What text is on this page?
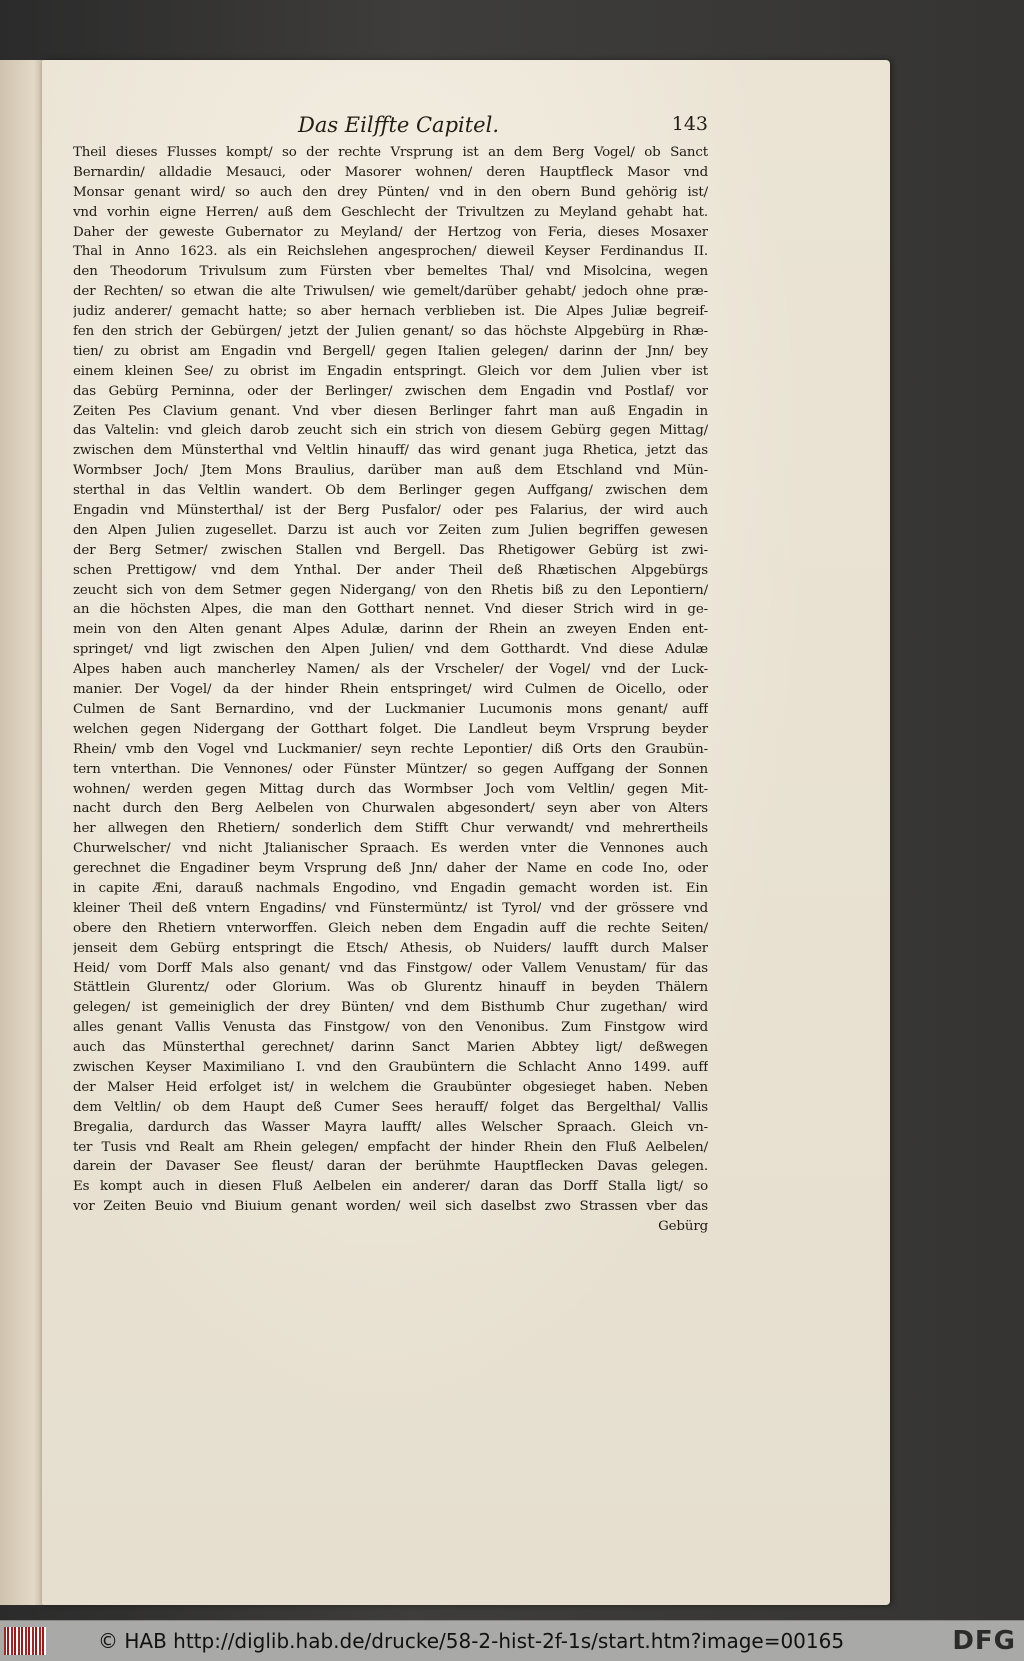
Das Eilffte Capitel.	143
Theil dieses Flusses kompt/ so der rechte Vrsprung ist an dem Berg Vogel/ ob Sanct
Bernardin/ alldadie Mesauci, oder Masorer wohnen/ deren Hauptfleck Masor vnd
Monsar genant wird/ so auch den drey Pünten/ vnd in den obern Bund gehörig ist/
vnd vorhin eigne Herren/ auß dem Geschlecht der Trivultzen zu Meyland gehabt hat.
Daher der geweste Gubernator zu Meyland/ der Hertzog von Feria, dieses Mosaxer
Thal in Anno 1623. als ein Reichslehen angesprochen/ dieweil Keyser Ferdinandus II.
den Theodorum Trivulsum zum Fürsten vber bemeltes Thal/ vnd Misolcina, wegen
der Rechten/ so etwan die alte Triwulsen/ wie gemelt/darüber gehabt/ jedoch ohne præ-
judiz anderer/ gemacht hatte; so aber hernach verblieben ist. Die Alpes Juliæ begreif-
fen den strich der Gebürgen/ jetzt der Julien genant/ so das höchste Alpgebürg in Rhæ-
tien/ zu obrist am Engadin vnd Bergell/ gegen Italien gelegen/ darinn der Jnn/ bey
einem kleinen See/ zu obrist im Engadin entspringt. Gleich vor dem Julien vber ist
das Gebürg Perninna, oder der Berlinger/ zwischen dem Engadin vnd Postlaf/ vor
Zeiten Pes Clavium genant. Vnd vber diesen Berlinger fahrt man auß Engadin in
das Valtelin: vnd gleich darob zeucht sich ein strich von diesem Gebürg gegen Mittag/
zwischen dem Münsterthal vnd Veltlin hinauff/ das wird genant juga Rhetica, jetzt das
Wormbser Joch/ Jtem Mons Braulius, darüber man auß dem Etschland vnd Mün-
sterthal in das Veltlin wandert. Ob dem Berlinger gegen Auffgang/ zwischen dem
Engadin vnd Münsterthal/ ist der Berg Pusfalor/ oder pes Falarius, der wird auch
den Alpen Julien zugesellet. Darzu ist auch vor Zeiten zum Julien begriffen gewesen
der Berg Setmer/ zwischen Stallen vnd Bergell. Das Rhetigower Gebürg ist zwi-
schen Prettigow/ vnd dem Ynthal. Der ander Theil deß Rhætischen Alpgebürgs
zeucht sich von dem Setmer gegen Nidergang/ von den Rhetis biß zu den Lepontiern/
an die höchsten Alpes, die man den Gotthart nennet. Vnd dieser Strich wird in ge-
mein von den Alten genant Alpes Adulæ, darinn der Rhein an zweyen Enden ent-
springet/ vnd ligt zwischen den Alpen Julien/ vnd dem Gotthardt. Vnd diese Adulæ
Alpes haben auch mancherley Namen/ als der Vrscheler/ der Vogel/ vnd der Luck-
manier. Der Vogel/ da der hinder Rhein entspringet/ wird Culmen de Oicello, oder
Culmen de Sant Bernardino, vnd der Luckmanier Lucumonis mons genant/ auff
welchen gegen Nidergang der Gotthart folget. Die Landleut beym Vrsprung beyder
Rhein/ vmb den Vogel vnd Luckmanier/ seyn rechte Lepontier/ diß Orts den Graubün-
tern vnterthan. Die Vennones/ oder Fünster Müntzer/ so gegen Auffgang der Sonnen
wohnen/ werden gegen Mittag durch das Wormbser Joch vom Veltlin/ gegen Mit-
nacht durch den Berg Aelbelen von Churwalen abgesondert/ seyn aber von Alters
her allwegen den Rhetiern/ sonderlich dem Stifft Chur verwandt/ vnd mehrertheils
Churwelscher/ vnd nicht Jtalianischer Spraach. Es werden vnter die Vennones auch
gerechnet die Engadiner beym Vrsprung deß Jnn/ daher der Name en code Ino, oder
in capite Æni, darauß nachmals Engodino, vnd Engadin gemacht worden ist. Ein
kleiner Theil deß vntern Engadins/ vnd Fünstermüntz/ ist Tyrol/ vnd der grössere vnd
obere den Rhetiern vnterworffen. Gleich neben dem Engadin auff die rechte Seiten/
jenseit dem Gebürg entspringt die Etsch/ Athesis, ob Nuiders/ laufft durch Malser
Heid/ vom Dorff Mals also genant/ vnd das Finstgow/ oder Vallem Venustam/ für das
Stättlein Glurentz/ oder Glorium. Was ob Glurentz hinauff in beyden Thälern
gelegen/ ist gemeiniglich der drey Bünten/ vnd dem Bisthumb Chur zugethan/ wird
alles genant Vallis Venusta das Finstgow/ von den Venonibus. Zum Finstgow wird
auch das Münsterthal gerechnet/ darinn Sanct Marien Abbtey ligt/ deßwegen
zwischen Keyser Maximiliano I. vnd den Graubüntern die Schlacht Anno 1499. auff
der Malser Heid erfolget ist/ in welchem die Graubünter obgesieget haben. Neben
dem Veltlin/ ob dem Haupt deß Cumer Sees herauff/ folget das Bergelthal/ Vallis
Bregalia, dardurch das Wasser Mayra laufft/ alles Welscher Spraach. Gleich vn-
ter Tusis vnd Realt am Rhein gelegen/ empfacht der hinder Rhein den Fluß Aelbelen/
darein der Davaser See fleust/ daran der berühmte Hauptflecken Davas gelegen.
Es kompt auch in diesen Fluß Aelbelen ein anderer/ daran das Dorff Stalla ligt/ so
vor Zeiten Beuio vnd Biuium genant worden/ weil sich daselbst zwo Strassen vber das
Gebürg
© HAB http://diglib.hab.de/drucke/58-2-hist-2f-1s/start.htm?image=00165	DFG
